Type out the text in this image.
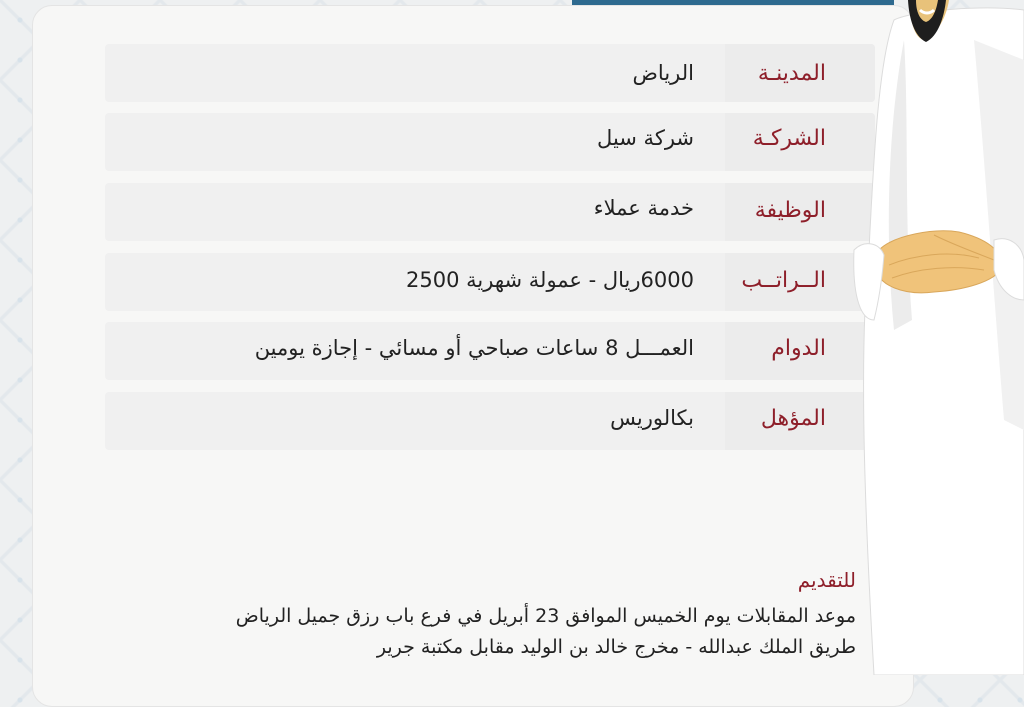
المدينـة
الرياض
الشركـة
شركة سيل
الوظيفة
خدمة عملاء
الــراتــب
6000ريال - عمولة شهرية 2500
الدوام
العمـــل 8 ساعات صباحي أو مسائي - إجازة يومين
المؤهل
بكالوريس
للتقديم
موعد المقابلات يوم الخميس الموافق 23 أبريل في فرع باب رزق جميل الرياض
طريق الملك عبدالله - مخرج خالد بن الوليد مقابل مكتبة جرير
